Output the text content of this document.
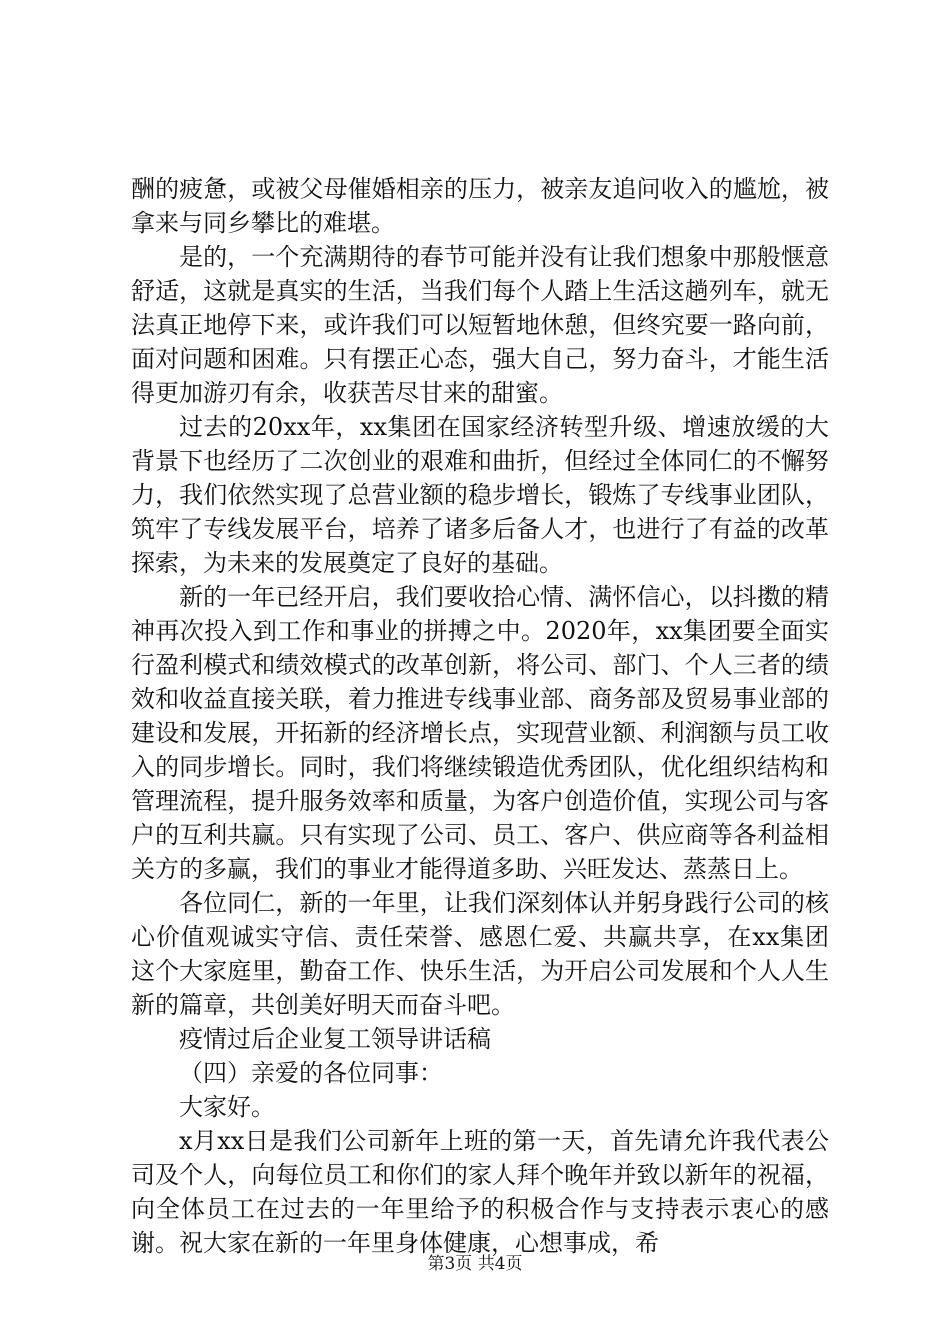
酬的疲惫，或被父母催婚相亲的压力，被亲友追问收入的尴尬，被拿来与同乡攀比的难堪。

是的，一个充满期待的春节可能并没有让我们想象中那般惬意舒适，这就是真实的生活，当我们每个人踏上生活这趟列车，就无法真正地停下来，或许我们可以短暂地休憩，但终究要一路向前，面对问题和困难。只有摆正心态，强大自己，努力奋斗，才能生活得更加游刃有余，收获苦尽甘来的甜蜜。

过去的20xx年，xx集团在国家经济转型升级、增速放缓的大背景下也经历了二次创业的艰难和曲折，但经过全体同仁的不懈努力，我们依然实现了总营业额的稳步增长，锻炼了专线事业团队，筑牢了专线发展平台，培养了诸多后备人才，也进行了有益的改革探索，为未来的发展奠定了良好的基础。

新的一年已经开启，我们要收拾心情、满怀信心，以抖擞的精神再次投入到工作和事业的拼搏之中。2020年，xx集团要全面实行盈利模式和绩效模式的改革创新，将公司、部门、个人三者的绩效和收益直接关联，着力推进专线事业部、商务部及贸易事业部的建设和发展，开拓新的经济增长点，实现营业额、利润额与员工收入的同步增长。同时，我们将继续锻造优秀团队，优化组织结构和管理流程，提升服务效率和质量，为客户创造价值，实现公司与客户的互利共赢。只有实现了公司、员工、客户、供应商等各利益相关方的多赢，我们的事业才能得道多助、兴旺发达、蒸蒸日上。

各位同仁，新的一年里，让我们深刻体认并躬身践行公司的核心价值观诚实守信、责任荣誉、感恩仁爱、共赢共享，在xx集团这个大家庭里，勤奋工作、快乐生活，为开启公司发展和个人人生新的篇章，共创美好明天而奋斗吧。

疫情过后企业复工领导讲话稿

（四）亲爱的各位同事：

大家好。

x月xx日是我们公司新年上班的第一天，首先请允许我代表公司及个人，向每位员工和你们的家人拜个晚年并致以新年的祝福，向全体员工在过去的一年里给予的积极合作与支持表示衷心的感谢。祝大家在新的一年里身体健康，心想事成，希

第3页 共4页
